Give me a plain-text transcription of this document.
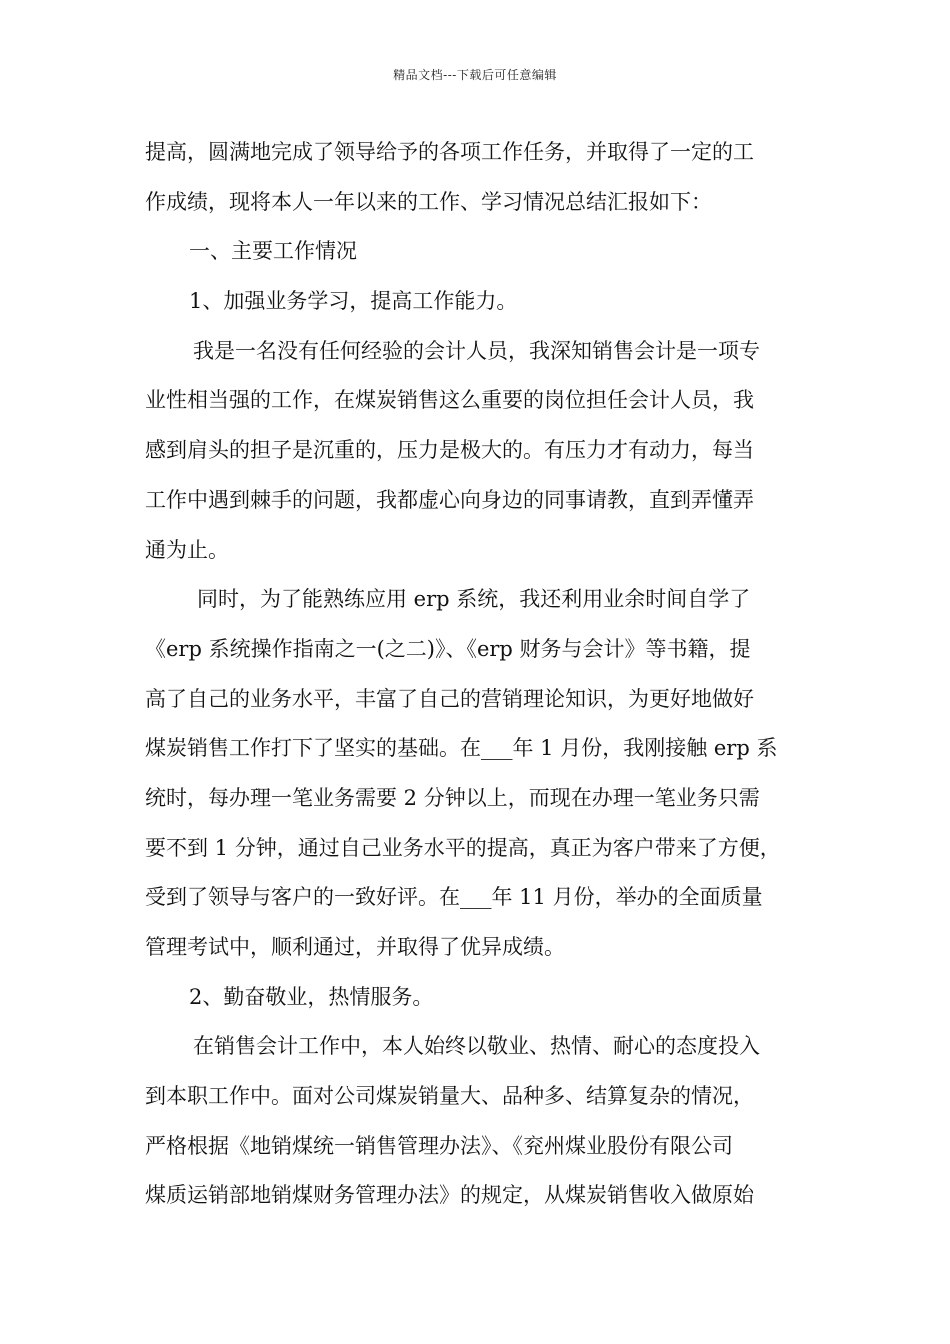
精品文档---下载后可任意编辑
提高，圆满地完成了领导给予的各项工作任务，并取得了一定的工
作成绩，现将本人一年以来的工作、学习情况总结汇报如下：
一、主要工作情况
1、加强业务学习，提高工作能力。
我是一名没有任何经验的会计人员，我深知销售会计是一项专
业性相当强的工作，在煤炭销售这么重要的岗位担任会计人员，我
感到肩头的担子是沉重的，压力是极大的。有压力才有动力，每当
工作中遇到棘手的问题，我都虚心向身边的同事请教，直到弄懂弄
通为止。
同时，为了能熟练应用 erp 系统，我还利用业余时间自学了
《erp 系统操作指南之一(之二)》、《erp 财务与会计》等书籍，提
高了自己的业务水平，丰富了自己的营销理论知识，为更好地做好
煤炭销售工作打下了坚实的基础。在___年 1 月份，我刚接触 erp 系
统时，每办理一笔业务需要 2 分钟以上，而现在办理一笔业务只需
要不到 1 分钟，通过自己业务水平的提高，真正为客户带来了方便，
受到了领导与客户的一致好评。在___年 11 月份，举办的全面质量
管理考试中，顺利通过，并取得了优异成绩。
2、勤奋敬业，热情服务。
在销售会计工作中，本人始终以敬业、热情、耐心的态度投入
到本职工作中。面对公司煤炭销量大、品种多、结算复杂的情况，
严格根据《地销煤统一销售管理办法》、《兖州煤业股份有限公司
煤质运销部地销煤财务管理办法》的规定，从煤炭销售收入做原始
